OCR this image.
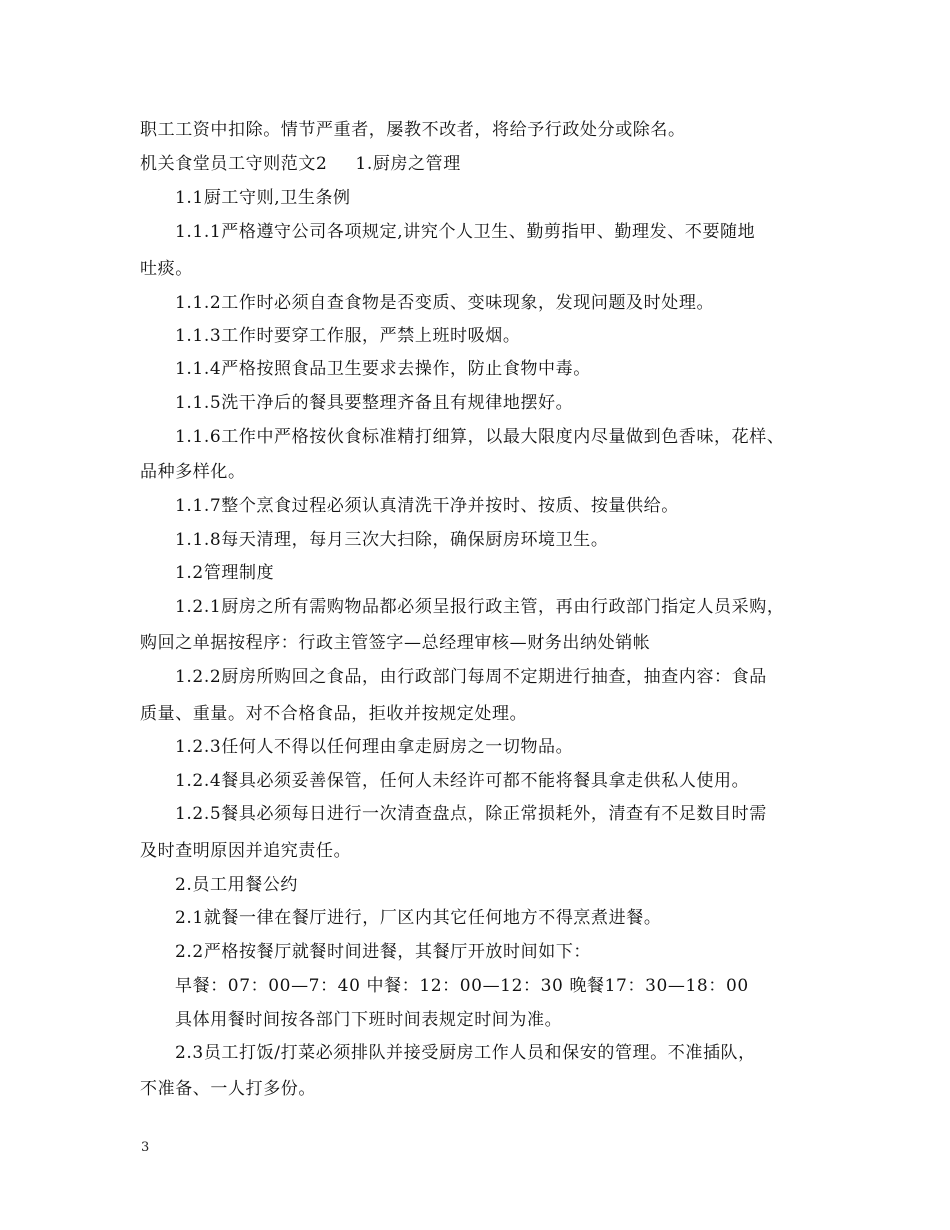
职工工资中扣除。情节严重者，屡教不改者，将给予行政处分或除名。
机关食堂员工守则范文2 1.厨房之管理
1.1厨工守则,卫生条例
1.1.1严格遵守公司各项规定,讲究个人卫生、勤剪指甲、勤理发、不要随地
吐痰。
1.1.2工作时必须自查食物是否变质、变味现象，发现问题及时处理。
1.1.3工作时要穿工作服，严禁上班时吸烟。
1.1.4严格按照食品卫生要求去操作，防止食物中毒。
1.1.5洗干净后的餐具要整理齐备且有规律地摆好。
1.1.6工作中严格按伙食标准精打细算，以最大限度内尽量做到色香味，花样、
品种多样化。
1.1.7整个烹食过程必须认真清洗干净并按时、按质、按量供给。
1.1.8每天清理，每月三次大扫除，确保厨房环境卫生。
1.2管理制度
1.2.1厨房之所有需购物品都必须呈报行政主管，再由行政部门指定人员采购，
购回之单据按程序：行政主管签字—总经理审核—财务出纳处销帐
1.2.2厨房所购回之食品，由行政部门每周不定期进行抽查，抽查内容：食品
质量、重量。对不合格食品，拒收并按规定处理。
1.2.3任何人不得以任何理由拿走厨房之一切物品。
1.2.4餐具必须妥善保管，任何人未经许可都不能将餐具拿走供私人使用。
1.2.5餐具必须每日进行一次清查盘点，除正常损耗外，清查有不足数目时需
及时查明原因并追究责任。
2.员工用餐公约
2.1就餐一律在餐厅进行，厂区内其它任何地方不得烹煮进餐。
2.2严格按餐厅就餐时间进餐，其餐厅开放时间如下：
早餐：07：00—7：40 中餐：12：00—12：30 晚餐17：30—18：00
具体用餐时间按各部门下班时间表规定时间为准。
2.3员工打饭/打菜必须排队并接受厨房工作人员和保安的管理。不准插队，
不准备、一人打多份。
3
